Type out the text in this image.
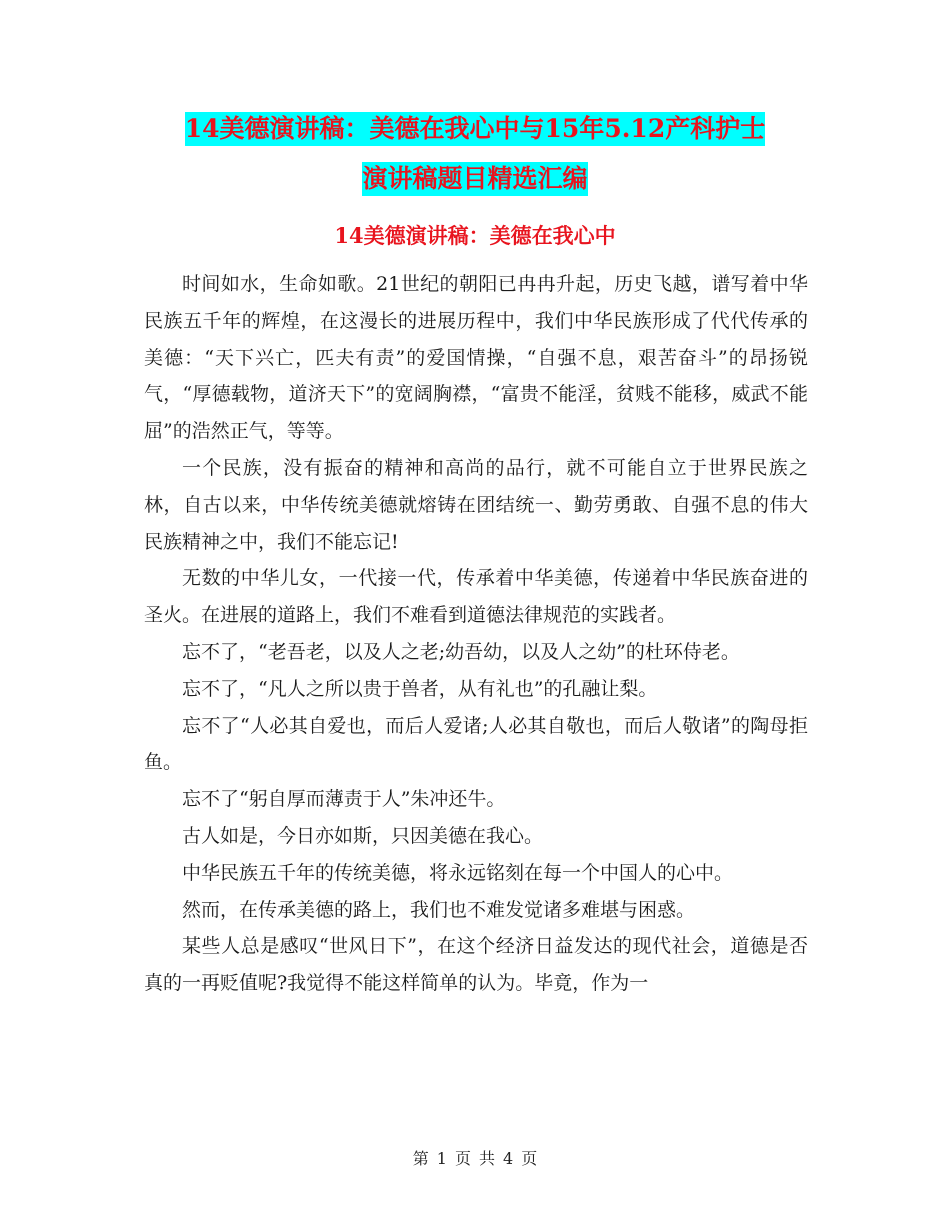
14美德演讲稿：美德在我心中与15年5.12产科护士
演讲稿题目精选汇编
14美德演讲稿：美德在我心中

时间如水，生命如歌。21世纪的朝阳已冉冉升起，历史飞越，谱写着中华民族五千年的辉煌，在这漫长的进展历程中，我们中华民族形成了代代传承的美德：“天下兴亡，匹夫有责”的爱国情操，“自强不息，艰苦奋斗”的昂扬锐气，“厚德载物，道济天下”的宽阔胸襟，“富贵不能淫，贫贱不能移，威武不能屈”的浩然正气，等等。

一个民族，没有振奋的精神和高尚的品行，就不可能自立于世界民族之林，自古以来，中华传统美德就熔铸在团结统一、勤劳勇敢、自强不息的伟大民族精神之中，我们不能忘记!

无数的中华儿女，一代接一代，传承着中华美德，传递着中华民族奋进的圣火。在进展的道路上，我们不难看到道德法律规范的实践者。

忘不了，“老吾老，以及人之老;幼吾幼，以及人之幼”的杜环侍老。

忘不了，“凡人之所以贵于兽者，从有礼也”的孔融让梨。

忘不了“人必其自爱也，而后人爱诸;人必其自敬也，而后人敬诸”的陶母拒鱼。

忘不了“躬自厚而薄责于人”朱冲还牛。

古人如是，今日亦如斯，只因美德在我心。

中华民族五千年的传统美德，将永远铭刻在每一个中国人的心中。

然而，在传承美德的路上，我们也不难发觉诸多难堪与困惑。

某些人总是感叹“世风日下”，在这个经济日益发达的现代社会，道德是否真的一再贬值呢?我觉得不能这样简单的认为。毕竟，作为一

第 1 页 共 4 页
